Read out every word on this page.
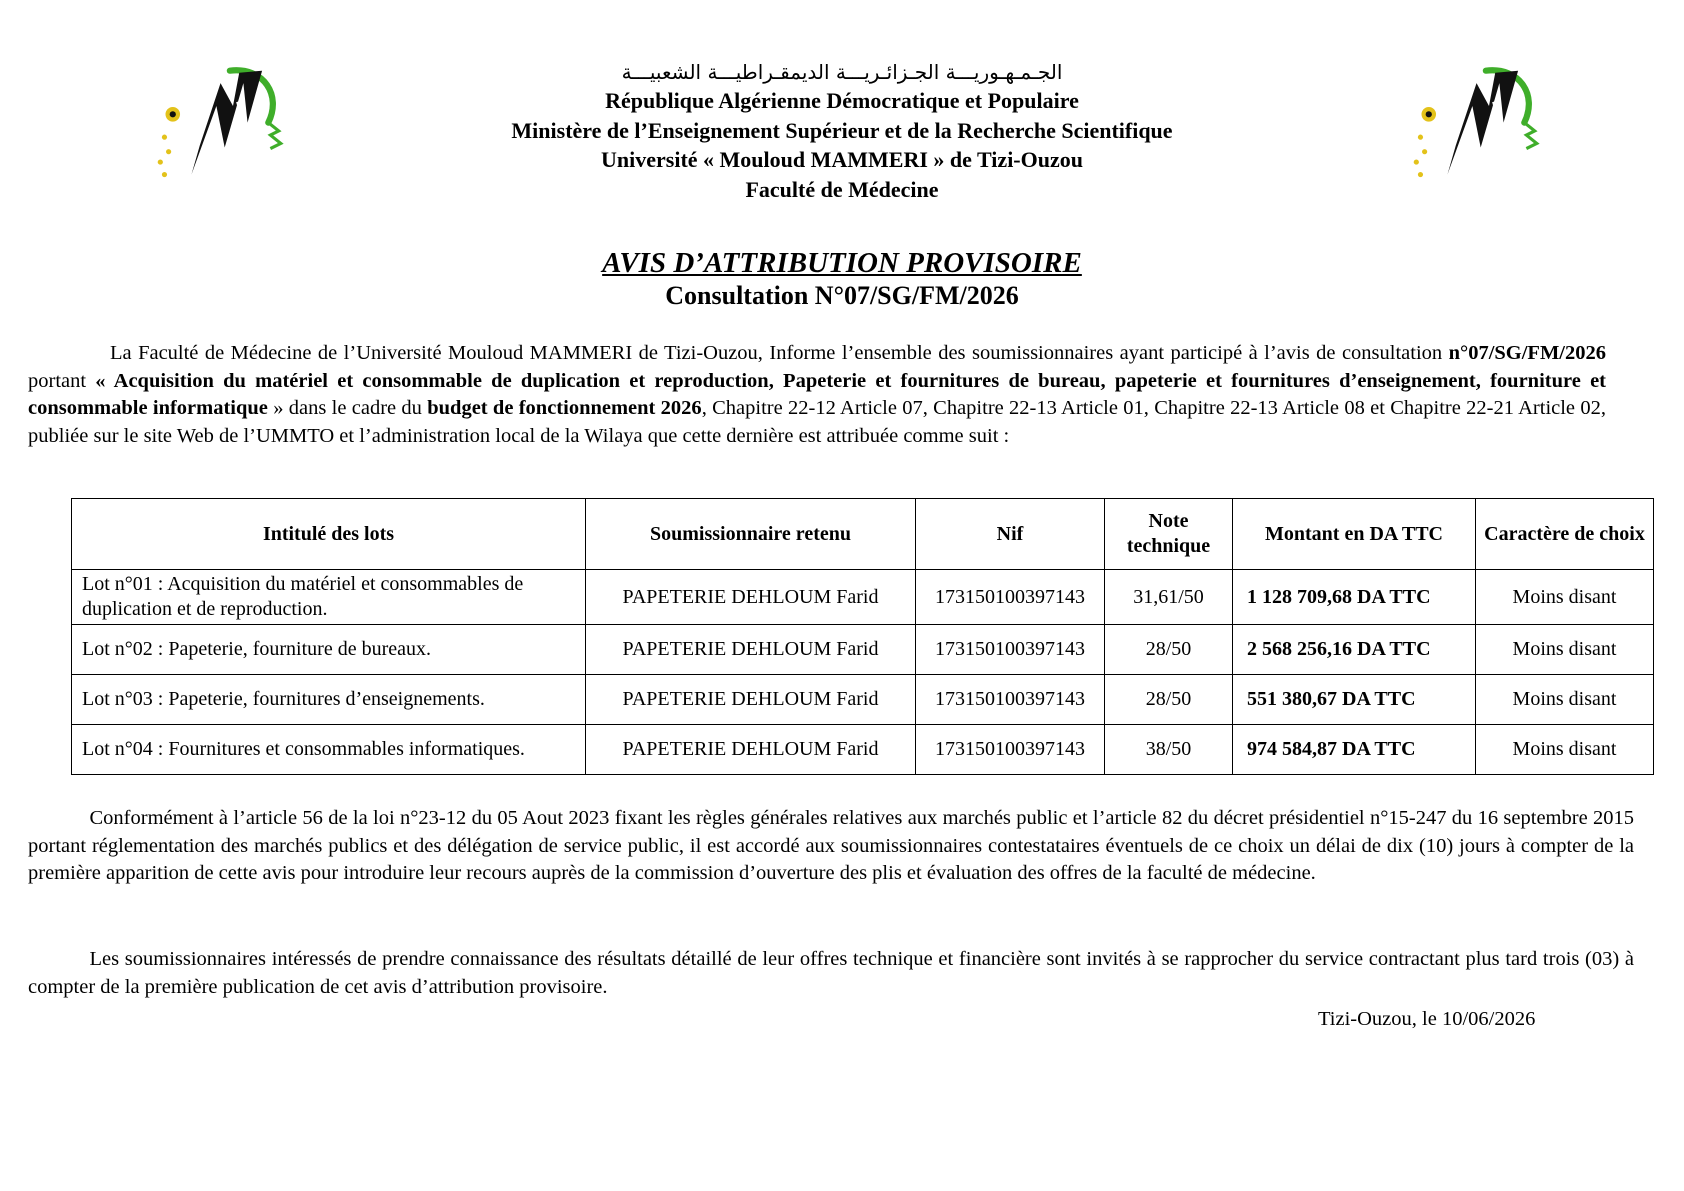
الجـمـهـوريـــة الجـزائـريـــة الديمقـراطيـــة الشعبيـــة
République Algérienne Démocratique et Populaire
Ministère de l’Enseignement Supérieur et de la Recherche Scientifique
Université « Mouloud MAMMERI » de Tizi-Ouzou
Faculté de Médecine
AVIS D’ATTRIBUTION PROVISOIRE
Consultation N°07/SG/FM/2026
    La Faculté de Médecine de l’Université Mouloud MAMMERI de Tizi-Ouzou, Informe l’ensemble des soumissionnaires ayant participé à l’avis de consultation n°07/SG/FM/2026 portant « Acquisition du matériel et consommable de duplication et reproduction, Papeterie et fournitures de bureau, papeterie et fournitures d’enseignement, fourniture et consommable informatique » dans le cadre du budget de fonctionnement 2026, Chapitre 22-12 Article 07, Chapitre 22-13 Article 01, Chapitre 22-13 Article 08 et Chapitre 22-21 Article 02, publiée sur le site Web de l’UMMTO et l’administration local de la Wilaya que cette dernière est attribuée comme suit :
Intitulé des lots	Soumissionnaire retenu	Nif	Note technique	Montant en DA TTC	Caractère de choix
Lot n°01 : Acquisition du matériel et consommables de duplication et de reproduction.	PAPETERIE DEHLOUM Farid	173150100397143	31,61/50	1 128 709,68 DA TTC	Moins disant
Lot n°02 : Papeterie, fourniture de bureaux.	PAPETERIE DEHLOUM Farid	173150100397143	28/50	2 568 256,16 DA TTC	Moins disant
Lot n°03 : Papeterie, fournitures d’enseignements.	PAPETERIE DEHLOUM Farid	173150100397143	28/50	551 380,67 DA TTC	Moins disant
Lot n°04 : Fournitures et consommables informatiques.	PAPETERIE DEHLOUM Farid	173150100397143	38/50	974 584,87 DA TTC	Moins disant
   Conformément à l’article 56 de la loi n°23-12 du 05 Aout 2023 fixant les règles générales relatives aux marchés public et l’article 82 du décret présidentiel n°15-247 du 16 septembre 2015 portant réglementation des marchés publics et des délégation de service public, il est accordé aux soumissionnaires contestataires éventuels de ce choix un délai de dix (10) jours à compter de la première apparition de cette avis pour introduire leur recours auprès de la commission d’ouverture des plis et évaluation des offres de la faculté de médecine.
   Les soumissionnaires intéressés de prendre connaissance des résultats détaillé de leur offres technique et financière sont invités à se rapprocher du service contractant plus tard trois (03) à compter de la première publication de cet avis d’attribution provisoire.
Tizi-Ouzou, le 10/06/2026
